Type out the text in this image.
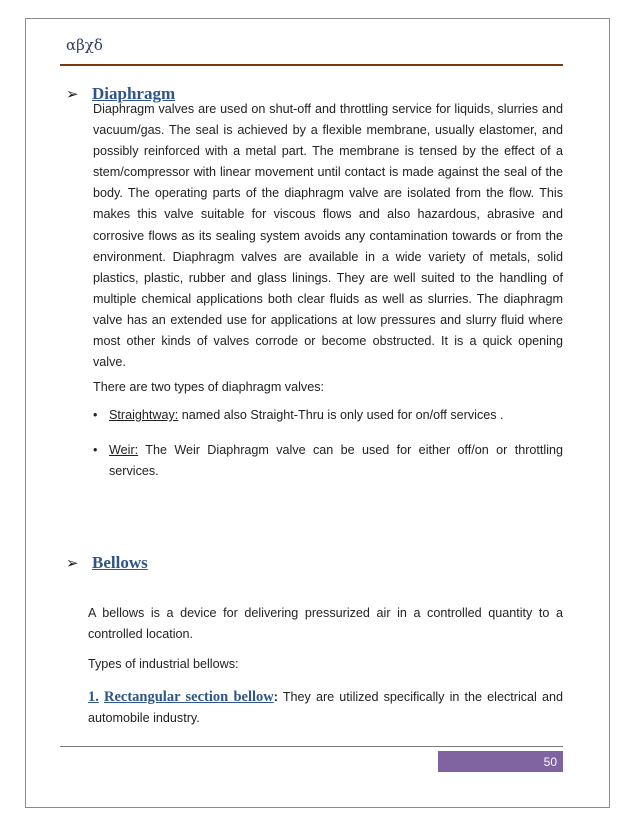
αβχδ
➢ Diaphragm
Diaphragm valves are used on shut-off and throttling service for liquids, slurries and vacuum/gas. The seal is achieved by a flexible membrane, usually elastomer, and possibly reinforced with a metal part. The membrane is tensed by the effect of a stem/compressor with linear movement until contact is made against the seal of the body. The operating parts of the diaphragm valve are isolated from the flow. This makes this valve suitable for viscous flows and also hazardous, abrasive and corrosive flows as its sealing system avoids any contamination towards or from the environment. Diaphragm valves are available in a wide variety of metals, solid plastics, plastic, rubber and glass linings. They are well suited to the handling of multiple chemical applications both clear fluids as well as slurries. The diaphragm valve has an extended use for applications at low pressures and slurry fluid where most other kinds of valves corrode or become obstructed. It is a quick opening valve.
There are two types of diaphragm valves:
• Straightway: named also Straight-Thru is only used for on/off services .
• Weir: The Weir Diaphragm valve can be used for either off/on or throttling services.
➢ Bellows
A bellows is a device for delivering pressurized air in a controlled quantity to a controlled location.
Types of industrial bellows:
1. Rectangular section bellow: They are utilized specifically in the electrical and automobile industry.
50
